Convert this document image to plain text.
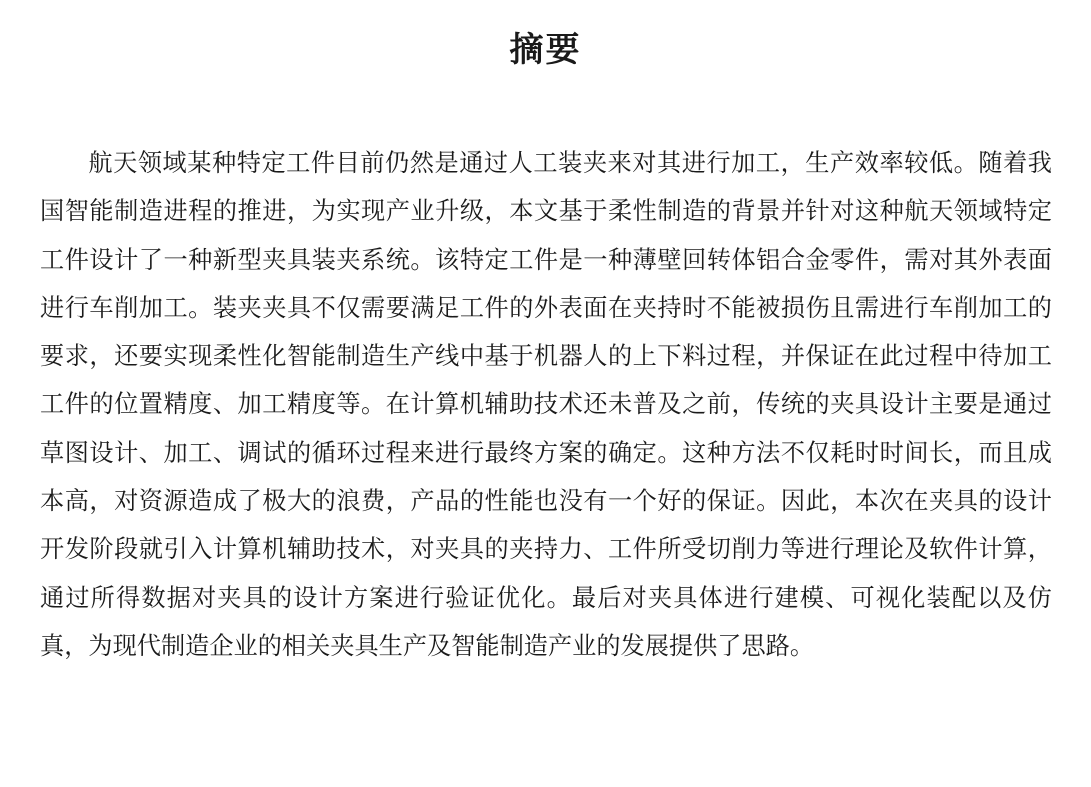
摘要

航天领域某种特定工件目前仍然是通过人工装夹来对其进行加工，生产效率较低。随着我国智能制造进程的推进，为实现产业升级，本文基于柔性制造的背景并针对这种航天领域特定工件设计了一种新型夹具装夹系统。该特定工件是一种薄壁回转体铝合金零件，需对其外表面进行车削加工。装夹夹具不仅需要满足工件的外表面在夹持时不能被损伤且需进行车削加工的要求，还要实现柔性化智能制造生产线中基于机器人的上下料过程，并保证在此过程中待加工工件的位置精度、加工精度等。在计算机辅助技术还未普及之前，传统的夹具设计主要是通过草图设计、加工、调试的循环过程来进行最终方案的确定。这种方法不仅耗时时间长，而且成本高，对资源造成了极大的浪费，产品的性能也没有一个好的保证。因此，本次在夹具的设计开发阶段就引入计算机辅助技术，对夹具的夹持力、工件所受切削力等进行理论及软件计算，通过所得数据对夹具的设计方案进行验证优化。最后对夹具体进行建模、可视化装配以及仿真，为现代制造企业的相关夹具生产及智能制造产业的发展提供了思路。
